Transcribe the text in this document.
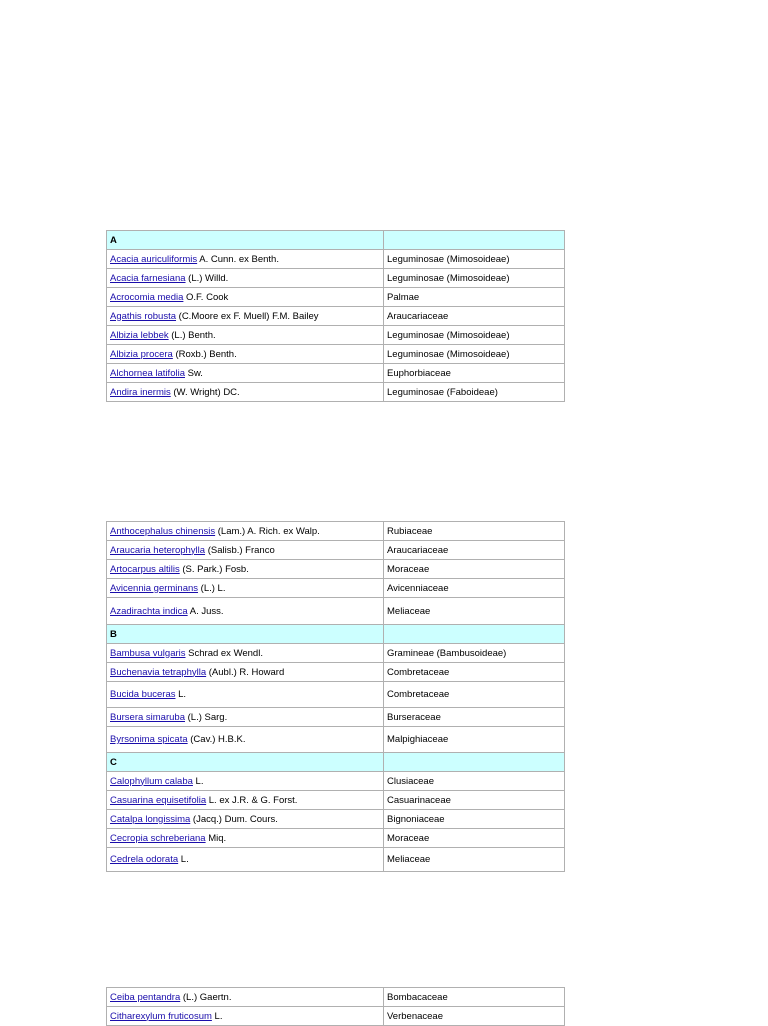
A	
Acacia auriculiformis A. Cunn. ex Benth.	Leguminosae (Mimosoideae)
Acacia farnesiana (L.) Willd.	Leguminosae (Mimosoideae)
Acrocomia media O.F. Cook	Palmae
Agathis robusta (C.Moore ex F. Muell) F.M. Bailey	Araucariaceae
Albizia lebbek (L.) Benth.	Leguminosae (Mimosoideae)
Albizia procera (Roxb.) Benth.	Leguminosae (Mimosoideae)
Alchornea latifolia Sw.	Euphorbiaceae
Andira inermis (W. Wright) DC.	Leguminosae (Faboideae)
Anthocephalus chinensis (Lam.) A. Rich. ex Walp.	Rubiaceae
Araucaria heterophylla (Salisb.) Franco	Araucariaceae
Artocarpus altilis (S. Park.) Fosb.	Moraceae
Avicennia germinans (L.) L.	Avicenniaceae
Azadirachta indica A. Juss.	Meliaceae
B	
Bambusa vulgaris Schrad ex Wendl.	Gramineae (Bambusoideae)
Buchenavia tetraphylla (Aubl.) R. Howard	Combretaceae
Bucida buceras L.	Combretaceae
Bursera simaruba (L.) Sarg.	Burseraceae
Byrsonima spicata (Cav.) H.B.K.	Malpighiaceae
C	
Calophyllum calaba L.	Clusiaceae
Casuarina equisetifolia L. ex J.R. & G. Forst.	Casuarinaceae
Catalpa longissima (Jacq.) Dum. Cours.	Bignoniaceae
Cecropia schreberiana Miq.	Moraceae
Cedrela odorata L.	Meliaceae
Ceiba pentandra (L.) Gaertn.	Bombacaceae
Citharexylum fruticosum L.	Verbenaceae
